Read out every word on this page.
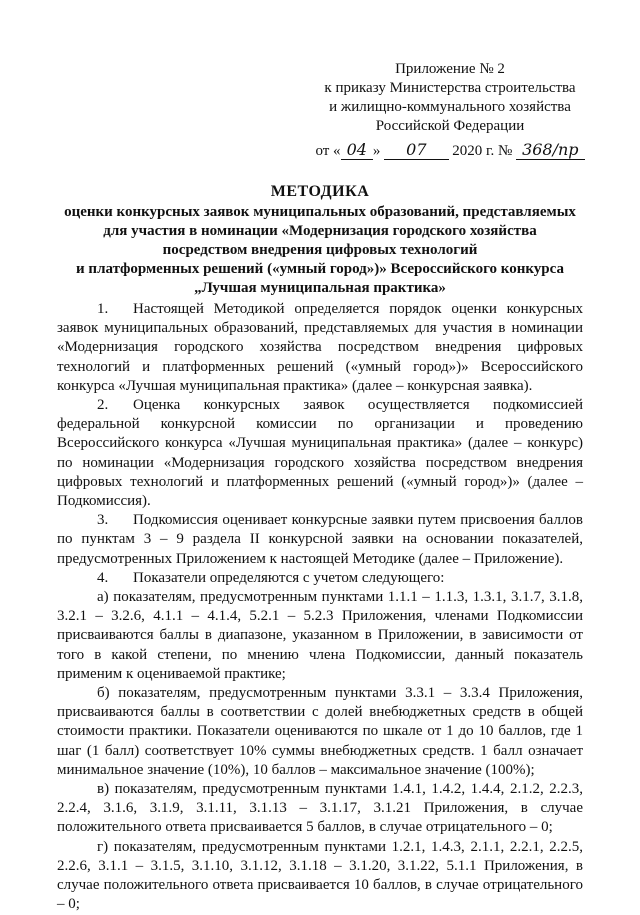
Приложение № 2
к приказу Министерства строительства
и жилищно-коммунального хозяйства
Российской Федерации
от « 04 » 07 2020 г. № 368/пр
МЕТОДИКА
оценки конкурсных заявок муниципальных образований, представляемых
для участия в номинации «Модернизация городского хозяйства
посредством внедрения цифровых технологий
и платформенных решений («умный город»)» Всероссийского конкурса
„Лучшая муниципальная практика»

1. Настоящей Методикой определяется порядок оценки конкурсных заявок муниципальных образований, представляемых для участия в номинации «Модернизация городского хозяйства посредством внедрения цифровых технологий и платформенных решений («умный город»)» Всероссийского конкурса «Лучшая муниципальная практика» (далее – конкурсная заявка).

2. Оценка конкурсных заявок осуществляется подкомиссией федеральной конкурсной комиссии по организации и проведению Всероссийского конкурса «Лучшая муниципальная практика» (далее – конкурс) по номинации «Модернизация городского хозяйства посредством внедрения цифровых технологий и платформенных решений («умный город»)» (далее – Подкомиссия).

3. Подкомиссия оценивает конкурсные заявки путем присвоения баллов по пунктам 3 – 9 раздела II конкурсной заявки на основании показателей, предусмотренных Приложением к настоящей Методике (далее – Приложение).

4. Показатели определяются с учетом следующего:

а) показателям, предусмотренным пунктами 1.1.1 – 1.1.3, 1.3.1, 3.1.7, 3.1.8, 3.2.1 – 3.2.6, 4.1.1 – 4.1.4, 5.2.1 – 5.2.3 Приложения, членами Подкомиссии присваиваются баллы в диапазоне, указанном в Приложении, в зависимости от того в какой степени, по мнению члена Подкомиссии, данный показатель применим к оцениваемой практике;

б) показателям, предусмотренным пунктами 3.3.1 – 3.3.4 Приложения, присваиваются баллы в соответствии с долей внебюджетных средств в общей стоимости практики. Показатели оцениваются по шкале от 1 до 10 баллов, где 1 шаг (1 балл) соответствует 10% суммы внебюджетных средств. 1 балл означает минимальное значение (10%), 10 баллов – максимальное значение (100%);

в) показателям, предусмотренным пунктами 1.4.1, 1.4.2, 1.4.4, 2.1.2, 2.2.3, 2.2.4, 3.1.6, 3.1.9, 3.1.11, 3.1.13 – 3.1.17, 3.1.21 Приложения, в случае положительного ответа присваивается 5 баллов, в случае отрицательного – 0;

г) показателям, предусмотренным пунктами 1.2.1, 1.4.3, 2.1.1, 2.2.1, 2.2.5, 2.2.6, 3.1.1 – 3.1.5, 3.1.10, 3.1.12, 3.1.18 – 3.1.20, 3.1.22, 5.1.1 Приложения, в случае положительного ответа присваивается 10 баллов, в случае отрицательного – 0;
